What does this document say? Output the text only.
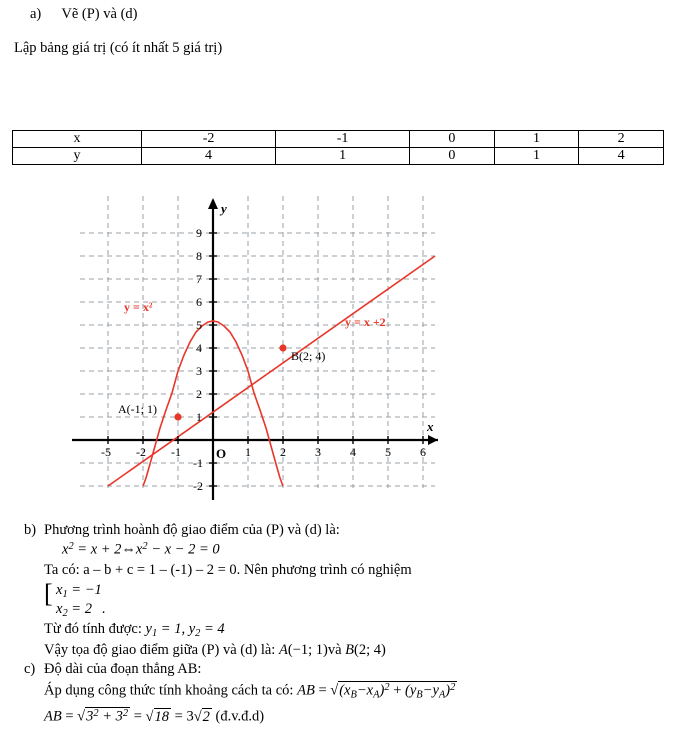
a) Vẽ (P) và (d)
Lập bảng giá trị (có ít nhất 5 giá trị)
x	-2	-1	0	1	2
y	4	1	0	1	4
x
y
O
9
8
7
6
5
4
3
2
1
-1
-2
-5 -2 -1	1 2 3 4 5 6
y = x²
y = x +2
A(-1; 1)
B(2; 4)
b) Phương trình hoành độ giao điểm của (P) và (d) là:
$x^2 = x$ + $2\Leftrightarrow x^2 - x - 2 = 0$
Ta có: a – b + c = 1 – (-1) – 2 = 0. Nên phương trình có nghiệm
[ $x_1 = -1$
$x_2 = 2$ .
Từ đó tính được: $y_1 = 1$, $y_2 = 4$
Vậy tọa độ giao điểm giữa (P) và (d) là: A(−1; 1)và B(2; 4)
c) Độ dài của đoạn thẳng AB:
Áp dụng công thức tính khoảng cách ta có: AB = $√(x_B-x_A)^2 + (y_B-y_A)^2$
AB = $√3^2 + 3^2 = √18 = 3√2$ (đ.v.đ.d)
